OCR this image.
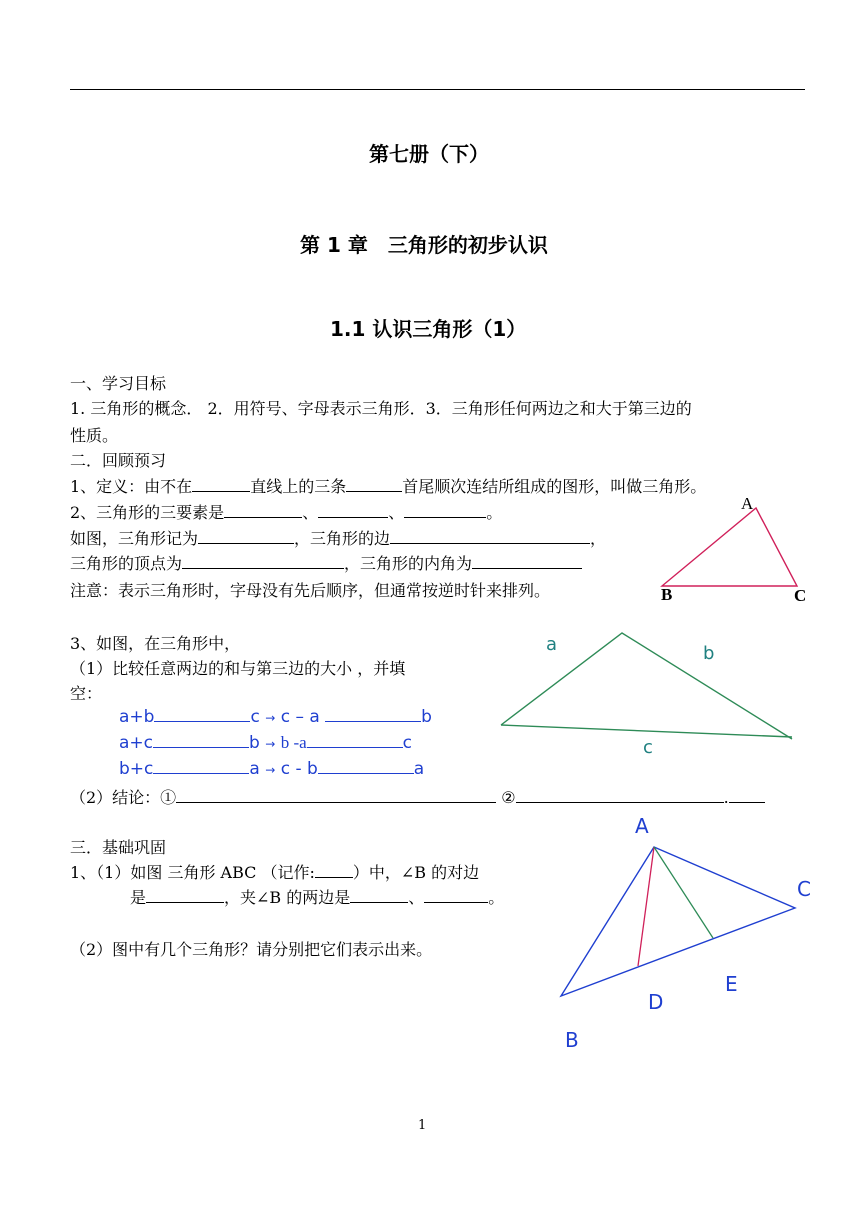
第七册（下）
第 1 章　三角形的初步认识
1.1 认识三角形（1）
一、学习目标
1. 三角形的概念． 2．用符号、字母表示三角形．3．三角形任何两边之和大于第三边的
性质。
二．回顾预习
1、定义：由不在	直线上的三条	首尾顺次连结所组成的图形，叫做三角形。
2、三角形的三要素是	、	、	。
如图，三角形记为	，三角形的边	，
三角形的顶点为	，三角形的内角为
注意：表示三角形时，字母没有先后顺序，但通常按逆时针来排列。
A
B	C
3、如图，在三角形中，
（1）比较任意两边的和与第三边的大小 ，并填
空：
a+b	c → c – a	b
a+c	b → b -a	c
b+c	a → c - b	a
（2）结论：①	②	.
a	b
c
三．基础巩固
1、（1）如图 三角形 ABC （记作: ）中，∠B 的对边
是	，夹∠B 的两边是	、	。
（2）图中有几个三角形？请分别把它们表示出来。
A
C
E
D
B
1
